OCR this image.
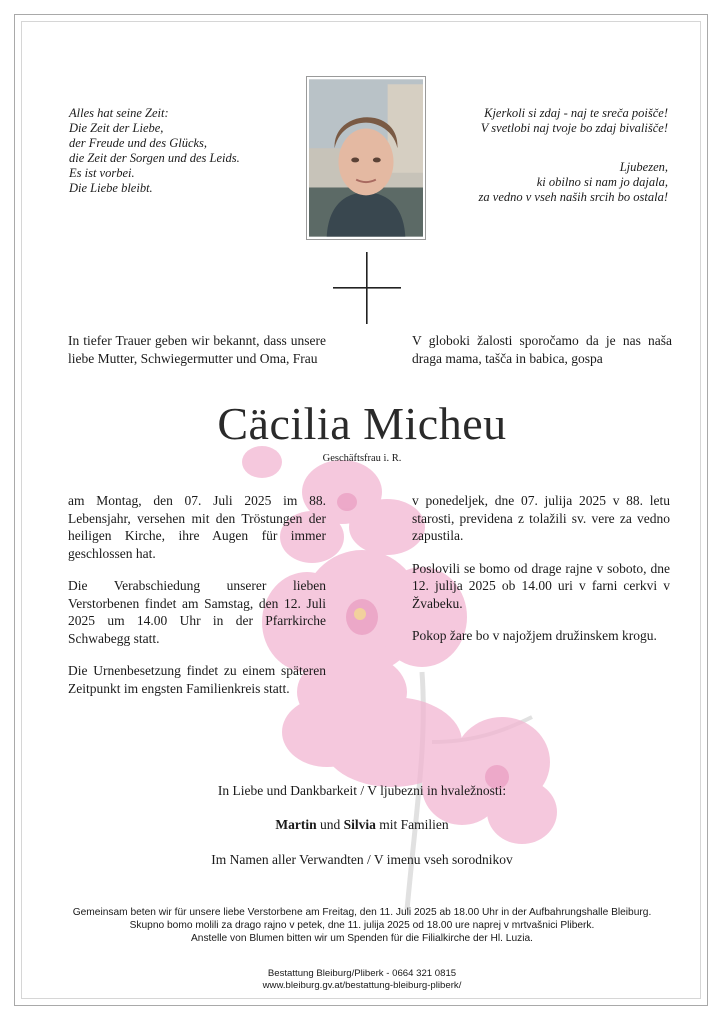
Alles hat seine Zeit:
Die Zeit der Liebe,
der Freude und des Glücks,
die Zeit der Sorgen und des Leids.
Es ist vorbei.
Die Liebe bleibt.
Kjerkoli si zdaj - naj te sreča poišče!
V svetlobi naj tvoje bo zdaj bivališče!
Ljubezen,
ki obilno si nam jo dajala,
za vedno v vseh naših srcih bo ostala!

In tiefer Trauer geben wir bekannt, dass unsere liebe Mutter, Schwiegermutter und Oma, Frau

V globoki žalosti sporočamo da je nas naša draga mama, tašča in babica, gospa

Cäcilia Micheu
Geschäftsfrau i. R.

am Montag, den 07. Juli 2025 im 88. Lebensjahr, versehen mit den Tröstungen der heiligen Kirche, ihre Augen für immer geschlossen hat.

Die Verabschiedung unserer lieben Verstorbenen findet am Samstag, den 12. Juli 2025 um 14.00 Uhr in der Pfarrkirche Schwabegg statt.

Die Urnenbesetzung findet zu einem späteren Zeitpunkt im engsten Familienkreis statt.

v ponedeljek, dne 07. julija 2025 v 88. letu starosti, previdena z tolažili sv. vere za vedno zapustila.

Poslovili se bomo od drage rajne v soboto, dne 12. julija 2025 ob 14.00 uri v farni cerkvi v Žvabeku.

Pokop žare bo v najožjem družinskem krogu.

In Liebe und Dankbarkeit / V ljubezni in hvaležnosti:
Martin und Silvia mit Familien
Im Namen aller Verwandten / V imenu vseh sorodnikov
Gemeinsam beten wir für unsere liebe Verstorbene am Freitag, den 11. Juli 2025 ab 18.00 Uhr in der Aufbahrungshalle Bleiburg.
Skupno bomo molili za drago rajno v petek, dne 11. julija 2025 od 18.00 ure naprej v mrtvašnici Pliberk.
Anstelle von Blumen bitten wir um Spenden für die Filialkirche der Hl. Luzia.
Bestattung Bleiburg/Pliberk - 0664 321 0815
www.bleiburg.gv.at/bestattung-bleiburg-pliberk/
